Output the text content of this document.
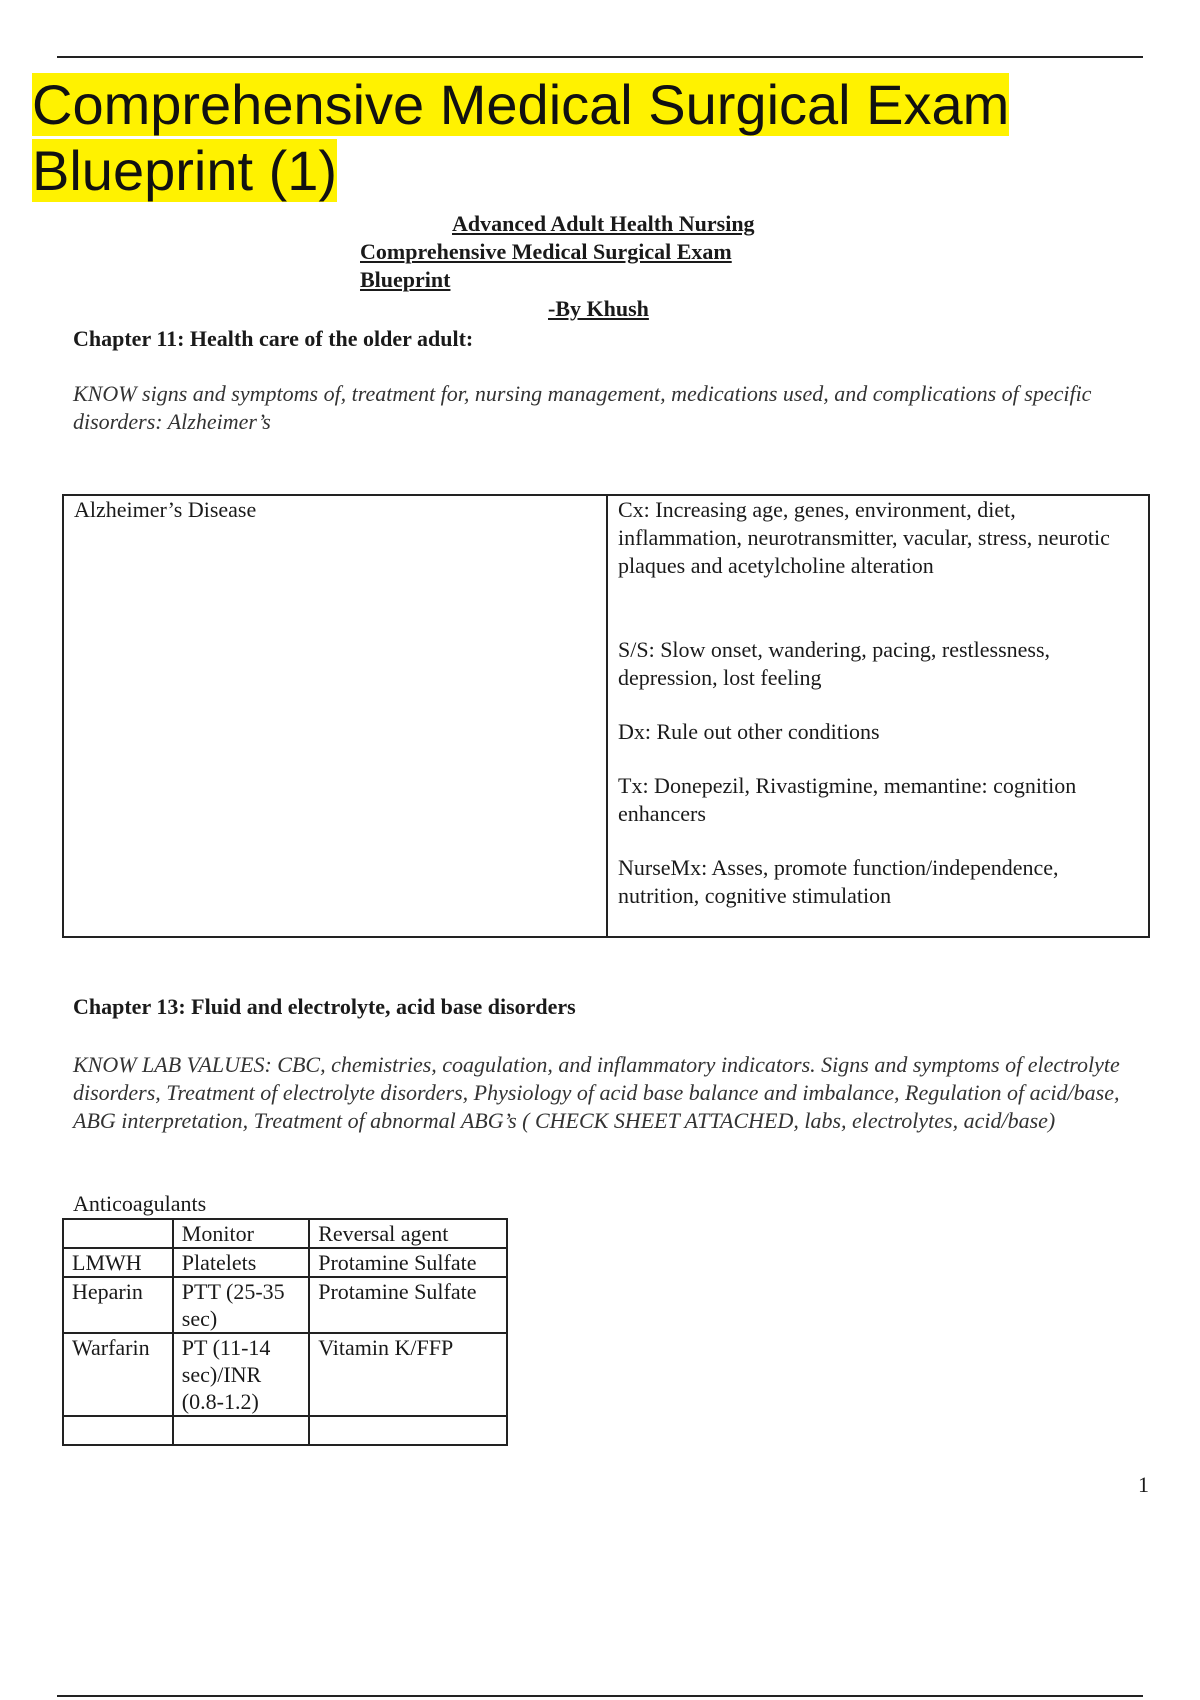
Comprehensive Medical Surgical Exam Blueprint (1)
Advanced Adult Health Nursing
Comprehensive Medical Surgical Exam
Blueprint
-By Khush
Chapter 11: Health care of the older adult:

KNOW signs and symptoms of, treatment for, nursing management, medications used, and complications of specific disorders: Alzheimer’s

Alzheimer’s Disease	Cx: Increasing age, genes, environment, diet, inflammation, neurotransmitter, vacular, stress, neurotic plaques and acetylcholine alteration

S/S: Slow onset, wandering, pacing, restlessness, depression, lost feeling

Dx: Rule out other conditions

Tx: Donepezil, Rivastigmine, memantine: cognition enhancers

NurseMx: Asses, promote function/independence, nutrition, cognitive stimulation

Chapter 13: Fluid and electrolyte, acid base disorders

KNOW LAB VALUES: CBC, chemistries, coagulation, and inflammatory indicators. Signs and symptoms of electrolyte disorders, Treatment of electrolyte disorders, Physiology of acid base balance and imbalance, Regulation of acid/base, ABG interpretation, Treatment of abnormal ABG’s ( CHECK SHEET ATTACHED, labs, electrolytes, acid/base)

Anticoagulants
	Monitor	Reversal agent
LMWH	Platelets	Protamine Sulfate
Heparin	PTT (25-35 sec)	Protamine Sulfate
Warfarin	PT (11-14 sec)/INR (0.8-1.2)	Vitamin K/FFP

1
